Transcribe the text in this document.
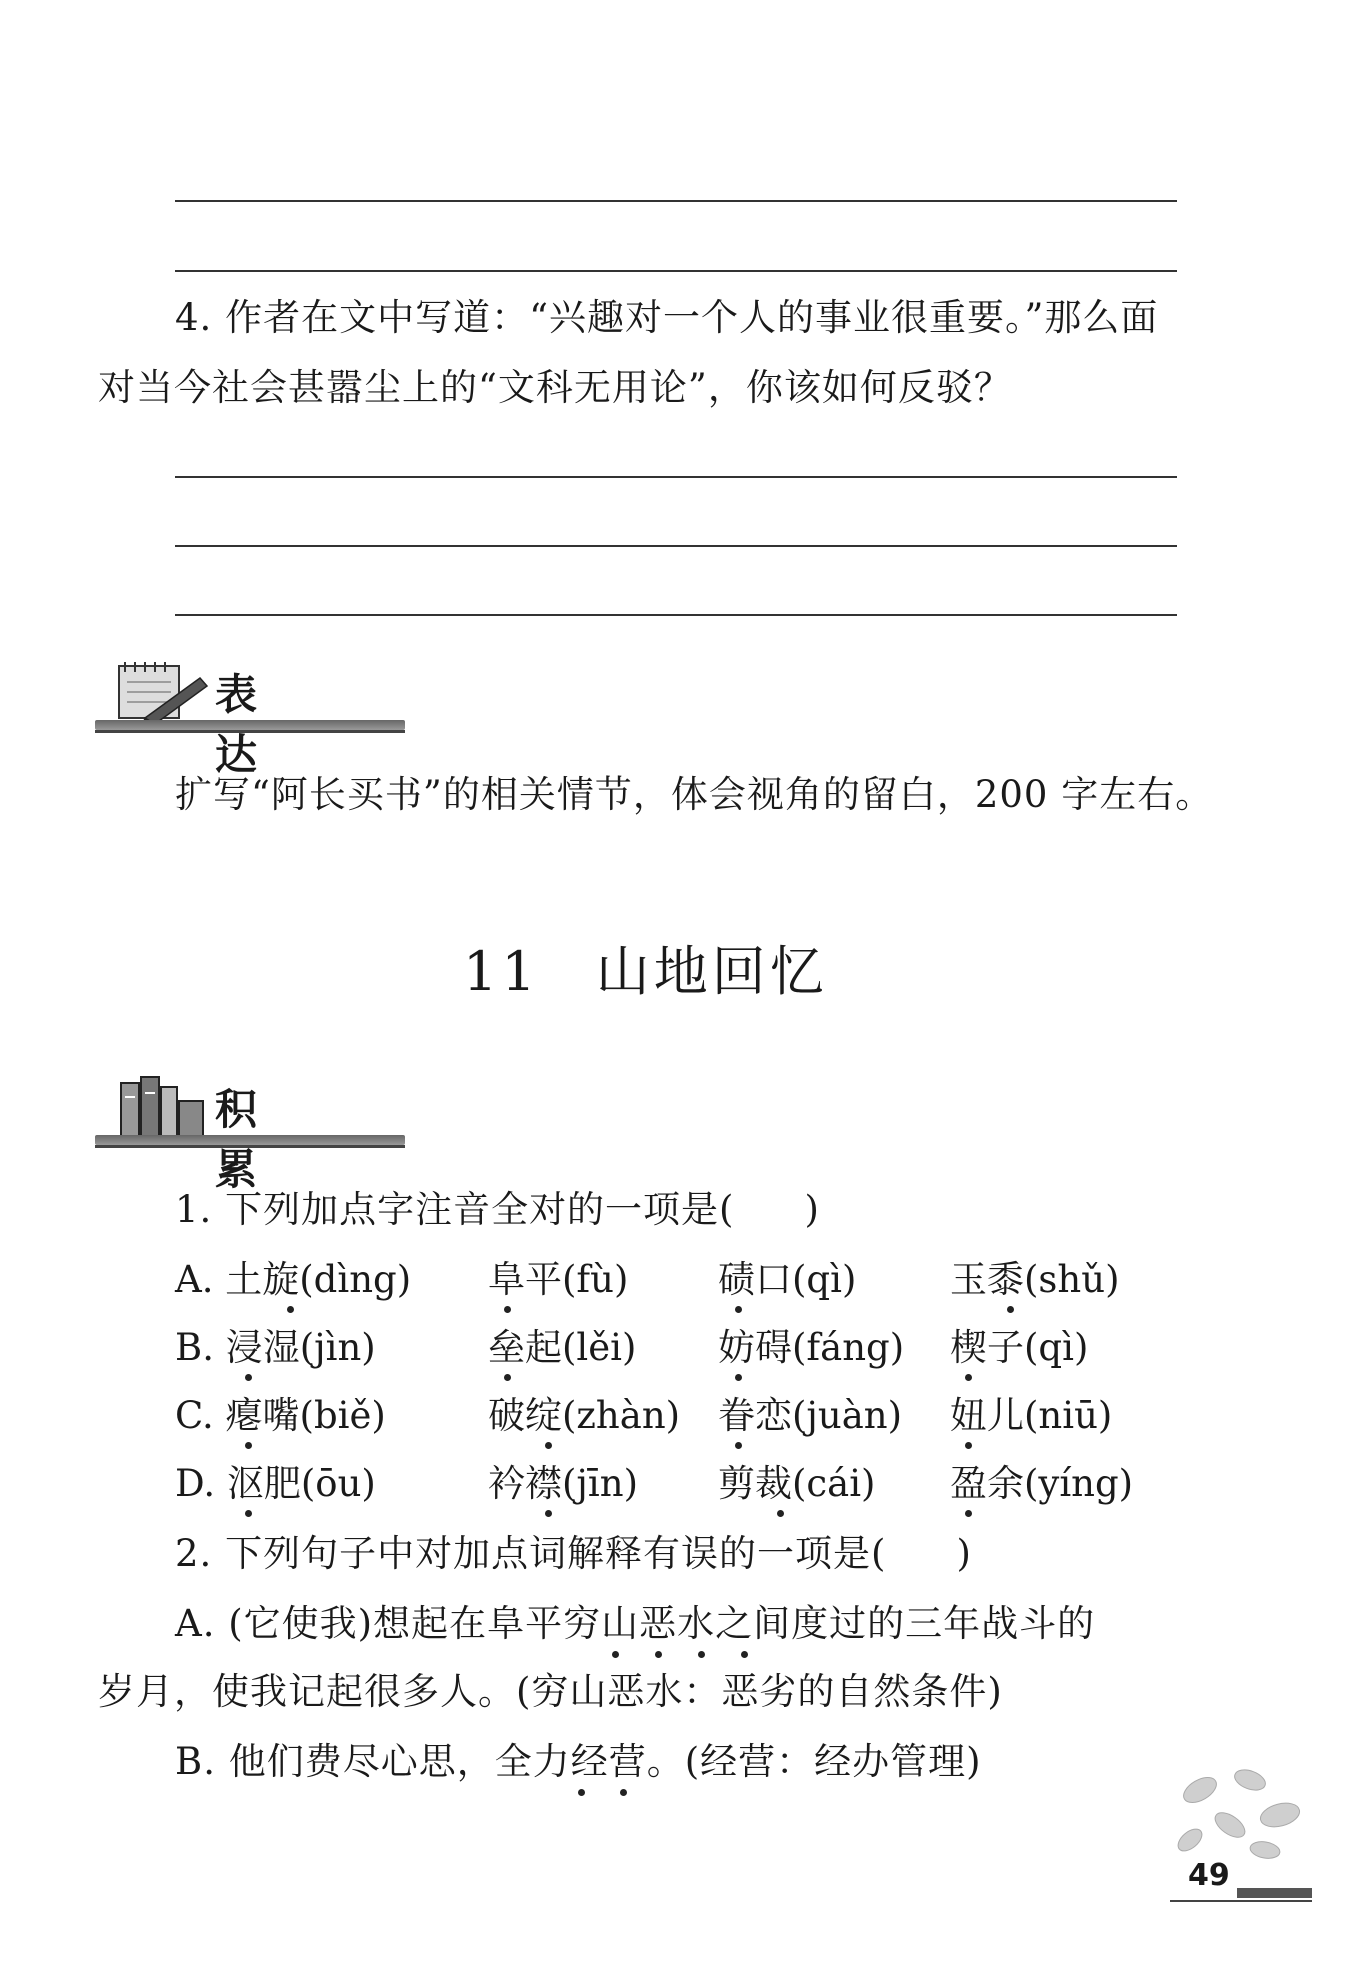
4. 作者在文中写道：“兴趣对一个人的事业很重要。”那么面
对当今社会甚嚣尘上的“文科无用论”，你该如何反驳？
表 达
扩写“阿长买书”的相关情节，体会视角的留白，200 字左右。
11 山地回忆
积 累
1. 下列加点字注音全对的一项是( )
A. 土旋(dìng) 阜平(fù) 碛口(qì)	玉黍(shǔ)
B. 浸湿(jìn)	垒起(lěi) 妨碍(fáng) 楔子(qì)
C. 瘪嘴(biě)	破绽(zhàn) 眷恋(juàn) 妞儿(niū)
D. 沤肥(ōu)	衿襟(jīn) 剪裁(cái) 盈余(yíng)
2. 下列句子中对加点词解释有误的一项是( )
A. (它使我)想起在阜平穷山恶水之间度过的三年战斗的
岁月，使我记起很多人。(穷山恶水：恶劣的自然条件)
B. 他们费尽心思，全力经营。(经营：经办管理)
49
